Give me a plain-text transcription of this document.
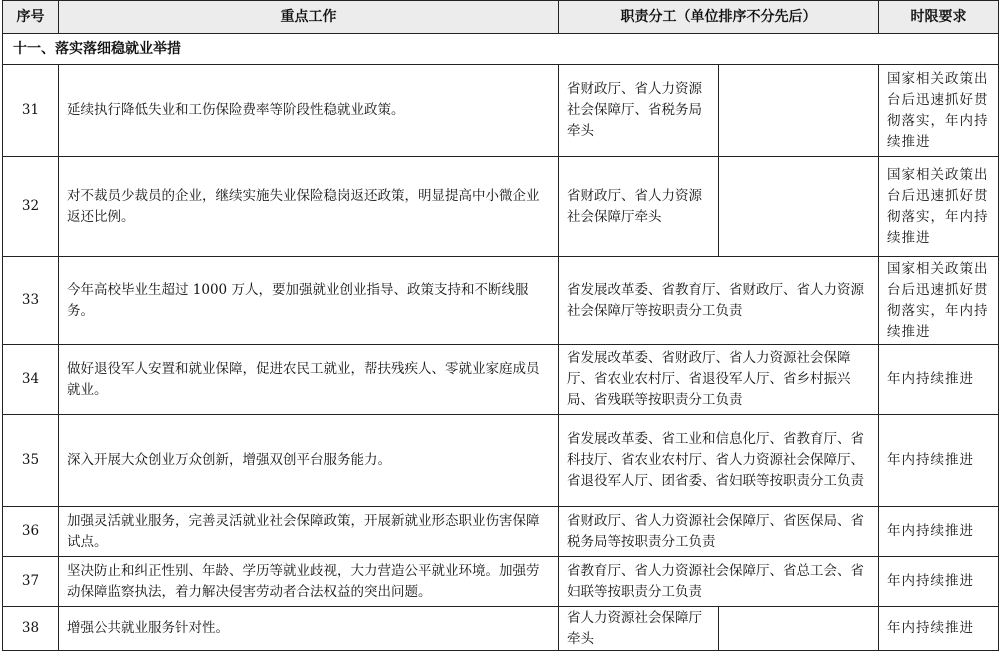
序号	重点工作	职责分工（单位排序不分先后）		时限要求
十一、落实落细稳就业举措				
31	延续执行降低失业和工伤保险费率等阶段性稳就业政策。	省财政厅、省人力资源社会保障厅、省税务局牵头		国家相关政策出台后迅速抓好贯彻落实，年内持续推进
32	对不裁员少裁员的企业，继续实施失业保险稳岗返还政策，明显提高中小微企业返还比例。	省财政厅、省人力资源社会保障厅牵头		国家相关政策出台后迅速抓好贯彻落实，年内持续推进
33	今年高校毕业生超过 1000 万人，要加强就业创业指导、政策支持和不断线服务。	省发展改革委、省教育厅、省财政厅、省人力资源社会保障厅等按职责分工负责		国家相关政策出台后迅速抓好贯彻落实，年内持续推进
34	做好退役军人安置和就业保障，促进农民工就业，帮扶残疾人、零就业家庭成员就业。	省发展改革委、省财政厅、省人力资源社会保障厅、省农业农村厅、省退役军人厅、省乡村振兴局、省残联等按职责分工负责		年内持续推进
35	深入开展大众创业万众创新，增强双创平台服务能力。	省发展改革委、省工业和信息化厅、省教育厅、省科技厅、省农业农村厅、省人力资源社会保障厅、省退役军人厅、团省委、省妇联等按职责分工负责		年内持续推进
36	加强灵活就业服务，完善灵活就业社会保障政策，开展新就业形态职业伤害保障试点。	省财政厅、省人力资源社会保障厅、省医保局、省税务局等按职责分工负责		年内持续推进
37	坚决防止和纠正性别、年龄、学历等就业歧视，大力营造公平就业环境。加强劳动保障监察执法，着力解决侵害劳动者合法权益的突出问题。	省教育厅、省人力资源社会保障厅、省总工会、省妇联等按职责分工负责		年内持续推进
38	增强公共就业服务针对性。	省人力资源社会保障厅牵头		年内持续推进
